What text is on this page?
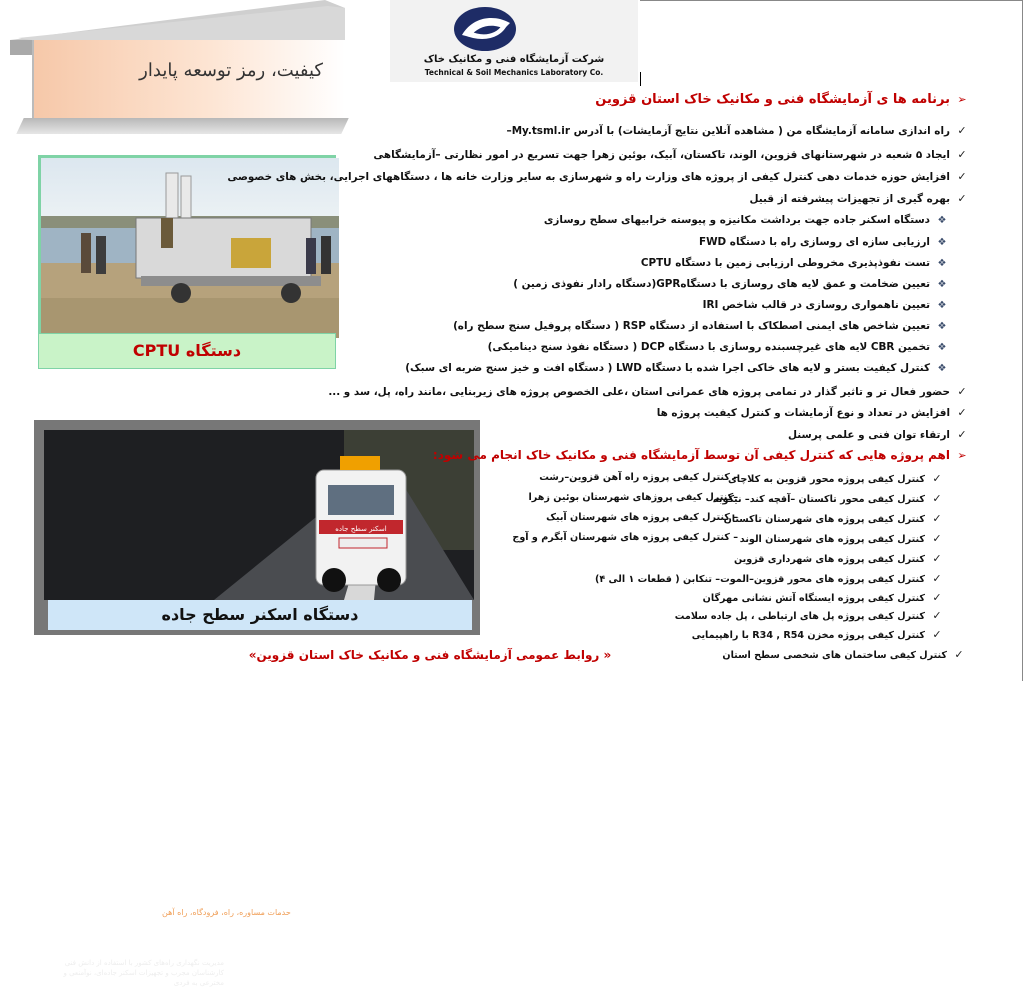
کیفیت، رمز توسعه پایدار
شرکت آزمایشگاه فنی و مکانیک خاک
Technical & Soil Mechanics Laboratory Co.
دستگاه CPTU
اسکنر سطح جاده
حدمات مساوره، راه، فرودگاه، راه آهن
مدیریت نگهداری راه‌های کشور با استفاده از دانش فنی کارشناسان مجرب و تجهیزات اسکنر جاده‌ای، نوآمنعی و مخترعی به فردی
دستگاه اسکنر سطح جاده
« روابط عمومی آزمایشگاه فنی و مکانیک خاک استان قزوین»
➢برنامه ها ی آزمایشگاه فنی و مکانیک خاک استان قزوین
✓راه اندازی سامانه آزمایشگاه من ( مشاهده آنلاین نتایج آزمایشات) با آدرس My.tsml.ir–
✓ایجاد ۵ شعبه در شهرستانهای قزوین، الوند، تاکستان، آبیک، بوئین زهرا جهت تسریع در امور نظارتی –آزمایشگاهی
✓افزایش حوزه خدمات دهی کنترل کیفی از پروژه های وزارت راه و شهرسازی به سایر وزارت خانه ها ، دستگاههای اجرایی، بخش های خصوصی
✓بهره گیری از تجهیزات پیشرفته از قبیل
❖دستگاه اسکنر جاده جهت برداشت مکانیزه و پیوسته خرابیهای سطح روسازی
❖ارزیابی سازه ای روسازی راه با دستگاه FWD
❖تست نفوذپذیری مخروطی ارزیابی زمین با دستگاه CPTU
❖تعیین ضخامت و عمق لایه های روسازی با دستگاهGPR(دستگاه رادار نفوذی زمین )
❖تعیین ناهمواری روسازی در قالب شاخص IRI
❖تعیین شاخص های ایمنی اصطکاک با استفاده از دستگاه RSP ( دستگاه پروفیل سنج سطح راه)
❖تخمین CBR لایه های غیرچسبنده روسازی با دستگاه DCP ( دستگاه نفوذ سنج دینامیکی)
❖کنترل کیفیت بستر و لایه های خاکی اجرا شده با دستگاه LWD ( دستگاه افت و خیز سنج ضربه ای سبک)
✓حضور فعال تر و تاثیر گذار در تمامی پروژه های عمرانی استان ،علی الخصوص پروژه های زیربنایی ،مانند راه، پل، سد و ...
✓افزایش در تعداد و نوع آزمایشات و کنترل کیفیت پروژه ها
✓ارتقاء توان فنی و علمی پرسنل
➢اهم پروژه هایی که کنترل کیفی آن توسط آزمایشگاه فنی و مکانیک خاک انجام می شود:
✓کنترل کیفی پروژه محور قزوین به کلاچای
✓کنترل کیفی محور تاکستان –آقچه کند– نیکوبه
✓کنترل کیفی پروژه های شهرستان تاکستان
✓کنترل کیفی پروژه های شهرستان الوند
✓کنترل کیفی پروژه های شهرداری قزوین
✓کنترل کیفی پروژه های محور قزوین–الموت– تنکابن ( قطعات ۱ الی ۴)
✓کنترل کیفی پروژه ایستگاه آتش نشانی مهرگان
✓کنترل کیفی پروژه پل های ارتباطی ، پل جاده سلامت
✓کنترل کیفی پروژه مخزن R34 , R54 با راهپیمایی
✓کنترل کیفی ساختمان های شخصی سطح استان
– کنترل کیفی پروژه راه آهن قزوین–رشت
–کنترل کیفی پروژهای شهرستان بوئین زهرا
– کنترل کیفی پروژه های شهرستان آبیک
– کنترل کیفی پروژه های شهرستان آبگرم و آوج
